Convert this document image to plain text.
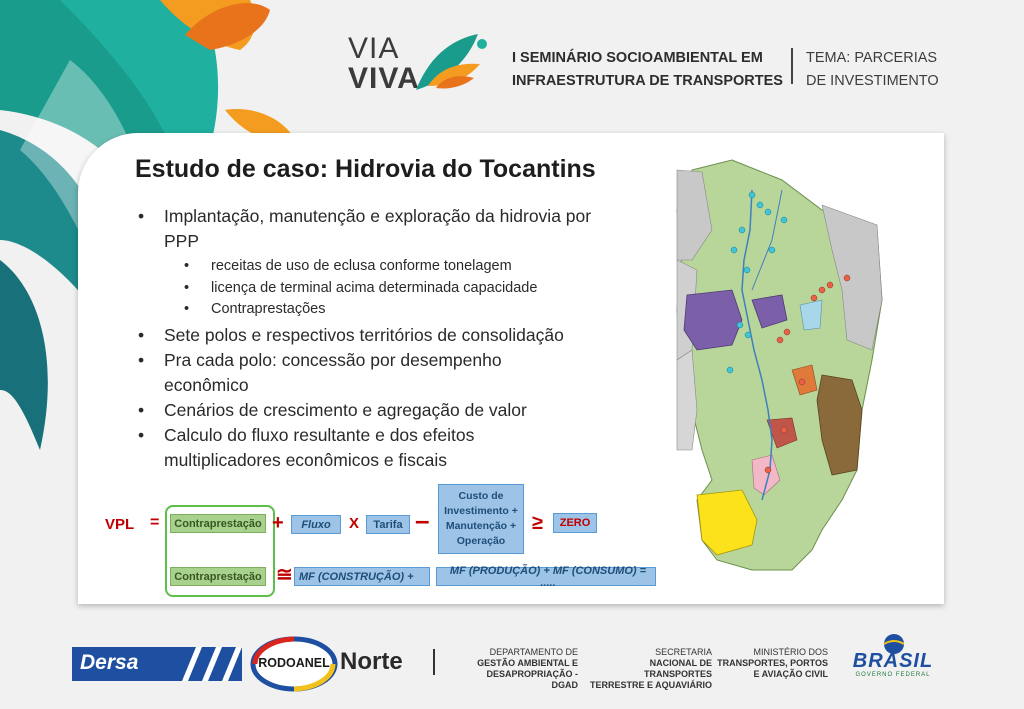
VIA
VIVA
I SEMINÁRIO SOCIOAMBIENTAL EM
INFRAESTRUTURA DE TRANSPORTES
TEMA: PARCERIAS
DE INVESTIMENTO
Estudo de caso: Hidrovia do Tocantins
• Implantação, manutenção e exploração da hidrovia por PPP
• receitas de uso de eclusa conforme tonelagem
• licença de terminal acima determinada capacidade
• Contraprestações
• Sete polos e respectivos territórios de consolidação
• Pra cada polo: concessão por desempenho econômico
• Cenários de crescimento e agregação de valor
• Calculo do fluxo resultante e dos efeitos multiplicadores econômicos e fiscais
VPL =	Contraprestação +	Fluxo	X	Tarifa –
Custo de Investimento + Manutenção + Operação
≥	ZERO
Contraprestação ≅ MF (CONSTRUÇÃO) +	MF (PRODUÇÃO) + MF (CONSUMO) = .....
Dersa	RODOANEL Norte	DEPARTAMENTO DE
GESTÃO AMBIENTAL E
DESAPROPRIAÇÃO - DGAD
SECRETARIA
NACIONAL DE TRANSPORTES
TERRESTRE E AQUAVIÁRIO
MINISTÉRIO DOS
TRANSPORTES, PORTOS
E AVIAÇÃO CIVIL
BRASIL
GOVERNO FEDERAL
